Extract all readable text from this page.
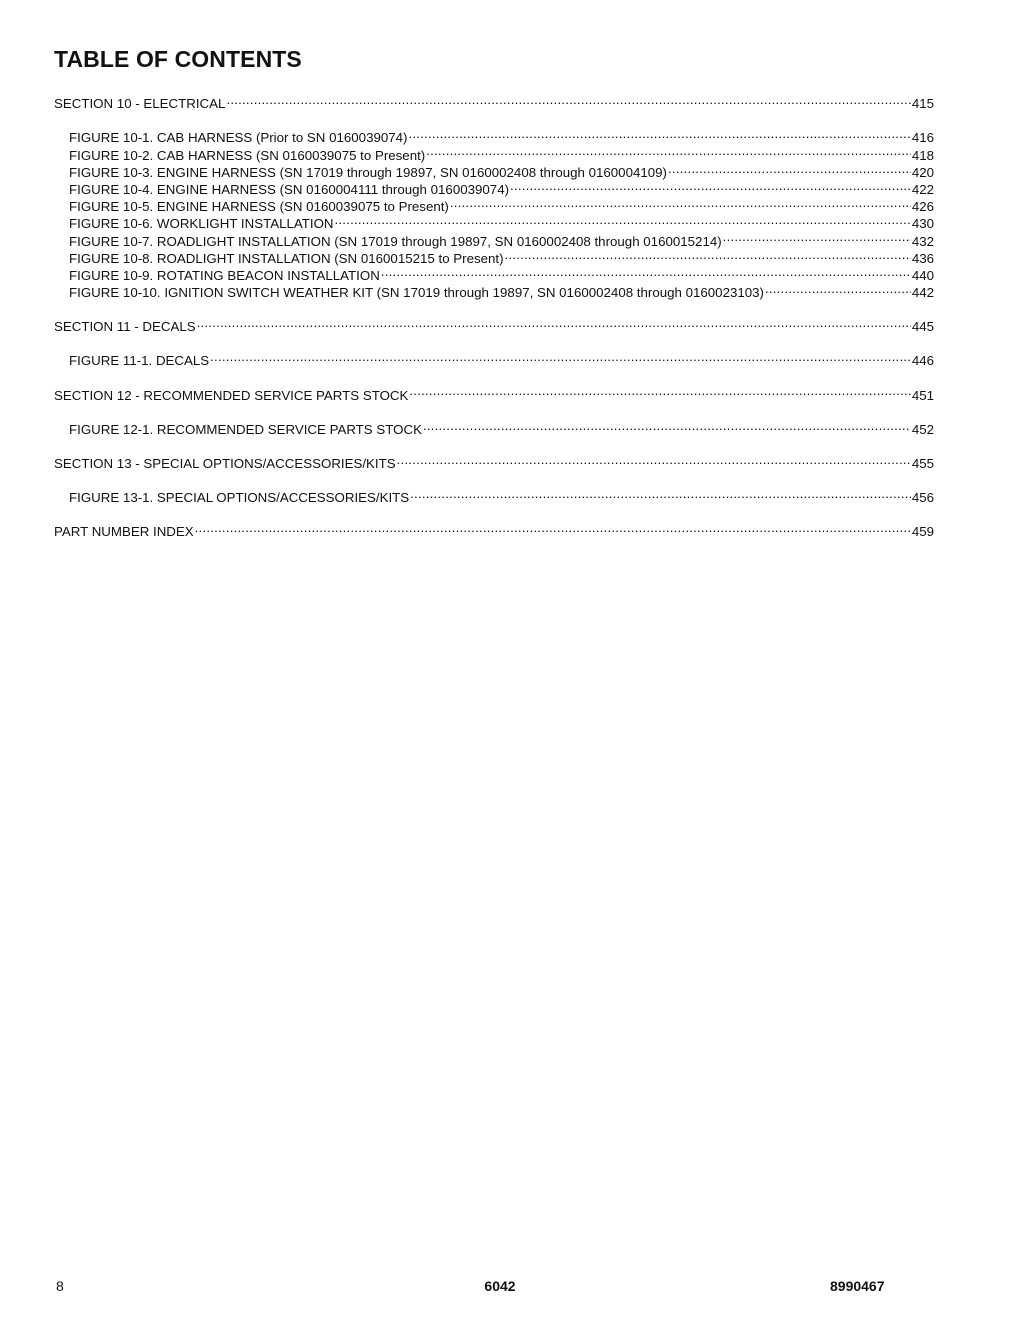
TABLE OF CONTENTS
SECTION 10 - ELECTRICAL .....	415
FIGURE 10-1. CAB HARNESS (Prior to SN 0160039074) .....	416
FIGURE 10-2. CAB HARNESS (SN 0160039075 to Present) .....	418
FIGURE 10-3. ENGINE HARNESS (SN 17019 through 19897, SN 0160002408 through 0160004109) .....	420
FIGURE 10-4. ENGINE HARNESS (SN 0160004111 through 0160039074) .....	422
FIGURE 10-5. ENGINE HARNESS (SN 0160039075 to Present) .....	426
FIGURE 10-6. WORKLIGHT INSTALLATION .....	430
FIGURE 10-7. ROADLIGHT INSTALLATION (SN 17019 through 19897, SN 0160002408 through 0160015214) .....	432
FIGURE 10-8. ROADLIGHT INSTALLATION (SN 0160015215 to Present) .....	436
FIGURE 10-9. ROTATING BEACON INSTALLATION .....	440
FIGURE 10-10. IGNITION SWITCH WEATHER KIT (SN 17019 through 19897, SN 0160002408 through 0160023103) .....	442
SECTION 11 - DECALS .....	445
FIGURE 11-1. DECALS .....	446
SECTION 12 - RECOMMENDED SERVICE PARTS STOCK .....	451
FIGURE 12-1. RECOMMENDED SERVICE PARTS STOCK .....	452
SECTION 13 - SPECIAL OPTIONS/ACCESSORIES/KITS .....	455
FIGURE 13-1. SPECIAL OPTIONS/ACCESSORIES/KITS .....	456
PART NUMBER INDEX .....	459
8	6042	8990467
